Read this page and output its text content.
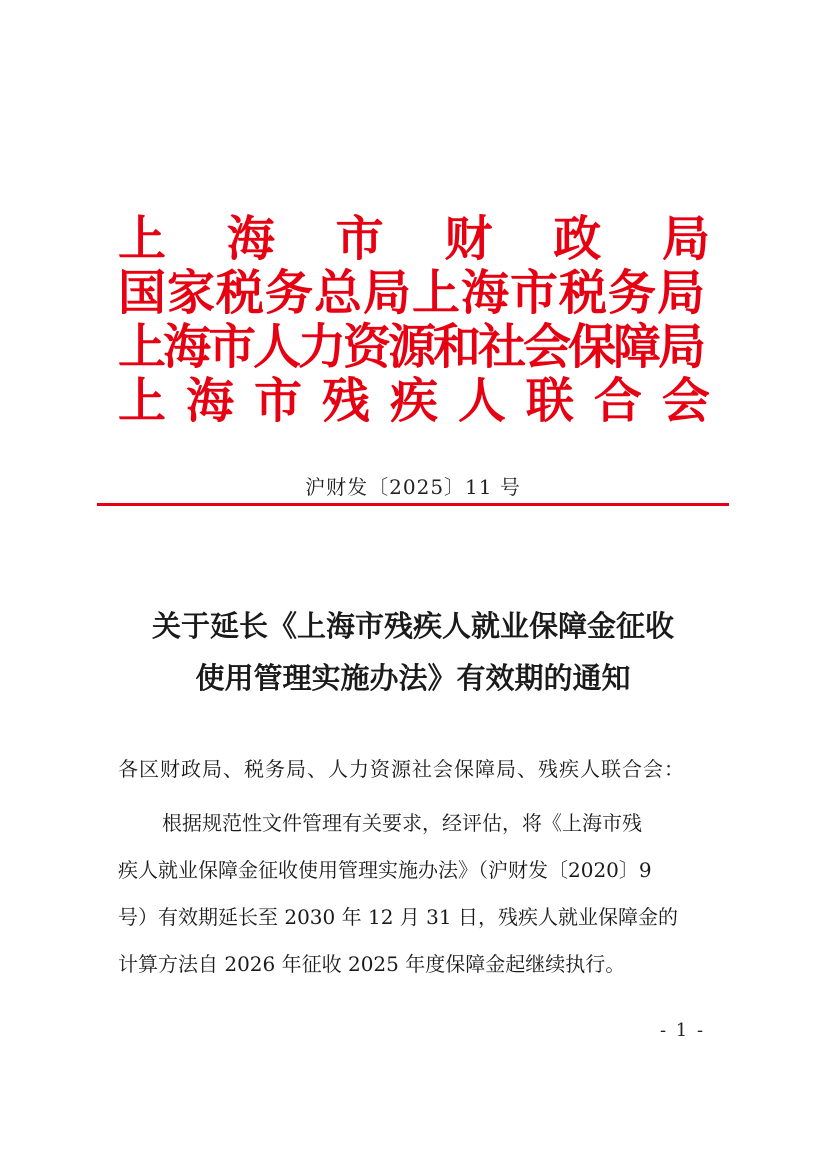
上 海 市 财 政 局
国家税务总局上海市税务局
上海市人力资源和社会保障局
上 海 市 残 疾 人 联 合 会
沪财发〔2025〕11 号
关于延长《上海市残疾人就业保障金征收
使用管理实施办法》有效期的通知
各区财政局、税务局、人力资源社会保障局、残疾人联合会：
根据规范性文件管理有关要求，经评估，将《上海市残
疾人就业保障金征收使用管理实施办法》（沪财发〔2020〕9
号）有效期延长至 2030 年 12 月 31 日，残疾人就业保障金的
计算方法自 2026 年征收 2025 年度保障金起继续执行。
- 1 -
